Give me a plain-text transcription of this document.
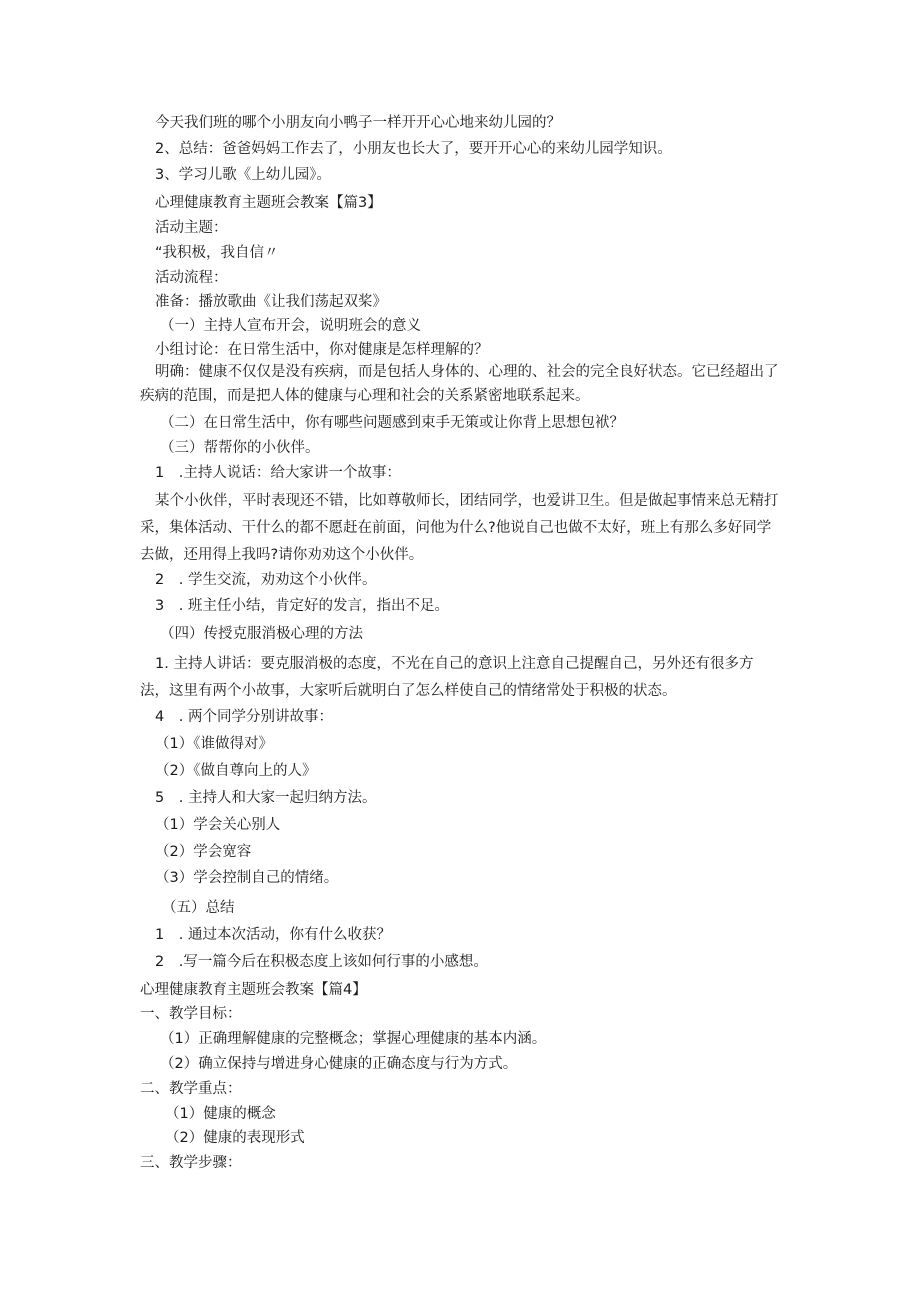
今天我们班的哪个小朋友向小鸭子一样开开心心地来幼儿园的？

2、总结：爸爸妈妈工作去了，小朋友也长大了，要开开心心的来幼儿园学知识。

3、学习儿歌《上幼儿园》。

心理健康教育主题班会教案【篇3】

活动主题：

“我积极，我自信〃

活动流程：

准备：播放歌曲《让我们荡起双桨》

（一）主持人宣布开会，说明班会的意义

小组讨论：在日常生活中，你对健康是怎样理解的？

明确：健康不仅仅是没有疾病，而是包括人身体的、心理的、社会的完全良好状态。它已经超出了疾病的范围，而是把人体的健康与心理和社会的关系紧密地联系起来。

（二）在日常生活中，你有哪些问题感到束手无策或让你背上思想包袱？

（三）帮帮你的小伙伴。

1　.主持人说话：给大家讲一个故事：

某个小伙伴，平时表现还不错，比如尊敬师长，团结同学，也爱讲卫生。但是做起事情来总无精打采，集体活动、干什么的都不愿赶在前面，问他为什么?他说自己也做不太好，班上有那么多好同学去做，还用得上我吗?请你劝劝这个小伙伴。

2　. 学生交流，劝劝这个小伙伴。

3　. 班主任小结，肯定好的发言，指出不足。

（四）传授克服消极心理的方法

1. 主持人讲话：要克服消极的态度，不光在自己的意识上注意自己提醒自己，另外还有很多方法，这里有两个小故事，大家听后就明白了怎么样使自己的情绪常处于积极的状态。

4　. 两个同学分别讲故事：

（1）《谁做得对》

（2）《做自尊向上的人》

5　. 主持人和大家一起归纳方法。

（1）学会关心别人

（2）学会宽容

（3）学会控制自己的情绪。

（五）总结

1　. 通过本次活动，你有什么收获？

2　.写一篇今后在积极态度上该如何行事的小感想。

心理健康教育主题班会教案【篇4】

一、教学目标：

（1）正确理解健康的完整概念；掌握心理健康的基本内涵。

（2）确立保持与增进身心健康的正确态度与行为方式。

二、教学重点：

（1）健康的概念

（2）健康的表现形式

三、教学步骤：
